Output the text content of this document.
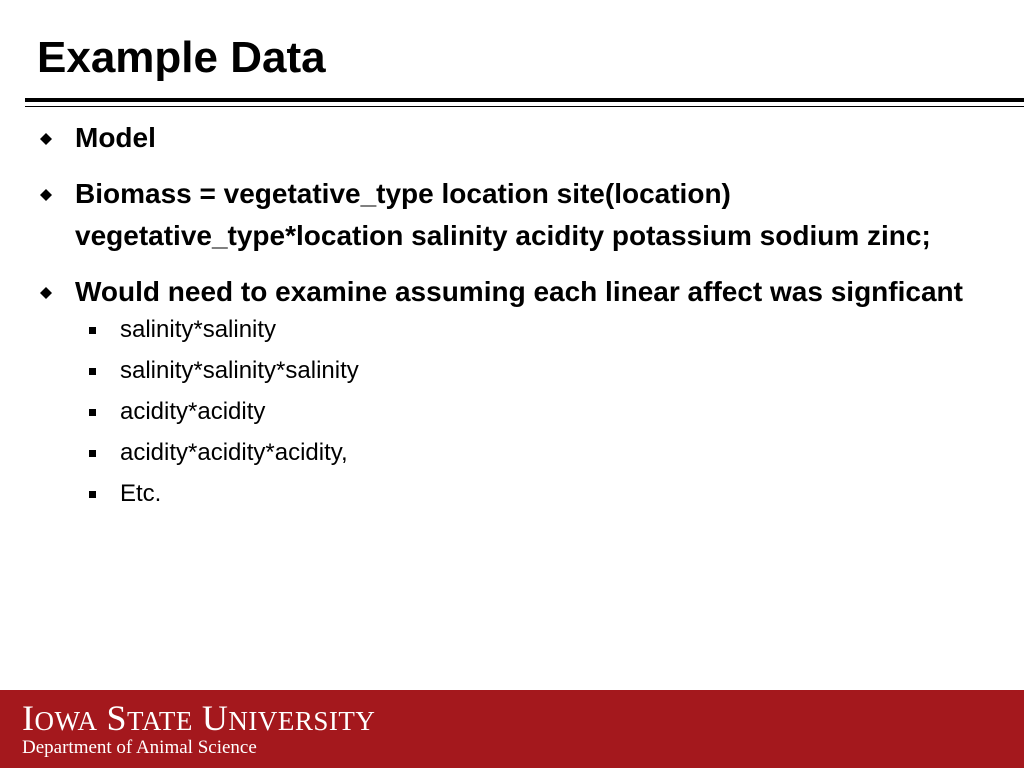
Example Data
Model
Biomass = vegetative_type location site(location) vegetative_type*location salinity acidity potassium sodium zinc;
Would need to examine assuming each linear affect was signficant
salinity*salinity
salinity*salinity*salinity
acidity*acidity
acidity*acidity*acidity,
Etc.
IOWA STATE UNIVERSITY
Department of Animal Science
